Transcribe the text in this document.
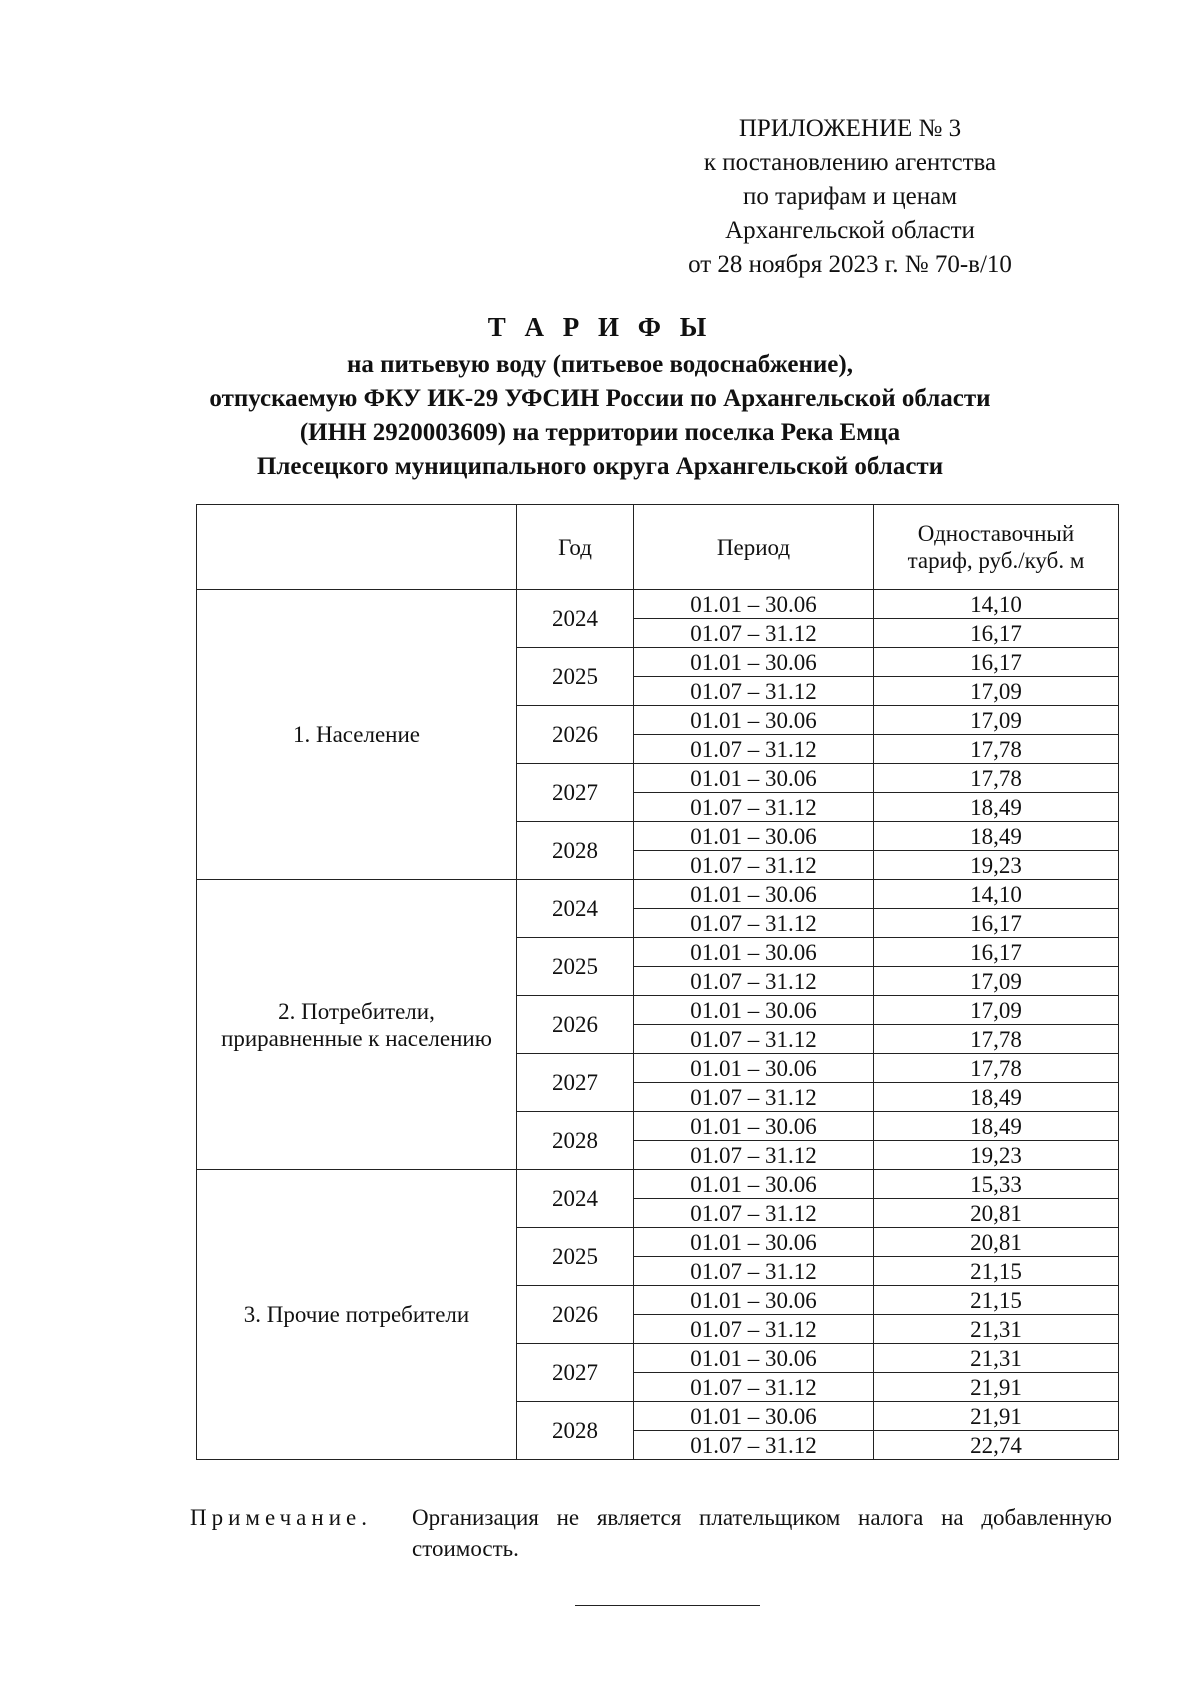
ПРИЛОЖЕНИЕ № 3
к постановлению агентства
по тарифам и ценам
Архангельской области
от 28 ноября 2023 г. № 70-в/10
Т А Р И Ф Ы
на питьевую воду (питьевое водоснабжение),
отпускаемую ФКУ ИК-29 УФСИН России по Архангельской области
(ИНН 2920003609) на территории поселка Река Емца
Плесецкого муниципального округа Архангельской области
	Год	Период	Одноставочный
тариф, руб./куб. м

1. Население	2024	01.01 – 30.06	14,10
		01.07 – 31.12	16,17
	2025	01.01 – 30.06	16,17
		01.07 – 31.12	17,09
	2026	01.01 – 30.06	17,09
		01.07 – 31.12	17,78
	2027	01.01 – 30.06	17,78
		01.07 – 31.12	18,49
	2028	01.01 – 30.06	18,49
		01.07 – 31.12	19,23

2. Потребители,
приравненные к населению	2024	01.01 – 30.06	14,10
		01.07 – 31.12	16,17
	2025	01.01 – 30.06	16,17
		01.07 – 31.12	17,09
	2026	01.01 – 30.06	17,09
		01.07 – 31.12	17,78
	2027	01.01 – 30.06	17,78
		01.07 – 31.12	18,49
	2028	01.01 – 30.06	18,49
		01.07 – 31.12	19,23

3. Прочие потребители	2024	01.01 – 30.06	15,33
		01.07 – 31.12	20,81
	2025	01.01 – 30.06	20,81
		01.07 – 31.12	21,15
	2026	01.01 – 30.06	21,15
		01.07 – 31.12	21,31
	2027	01.01 – 30.06	21,31
		01.07 – 31.12	21,91
	2028	01.01 – 30.06	21,91
		01.07 – 31.12	22,74
Примечание. Организация не является плательщиком налога на добавленную стоимость.
